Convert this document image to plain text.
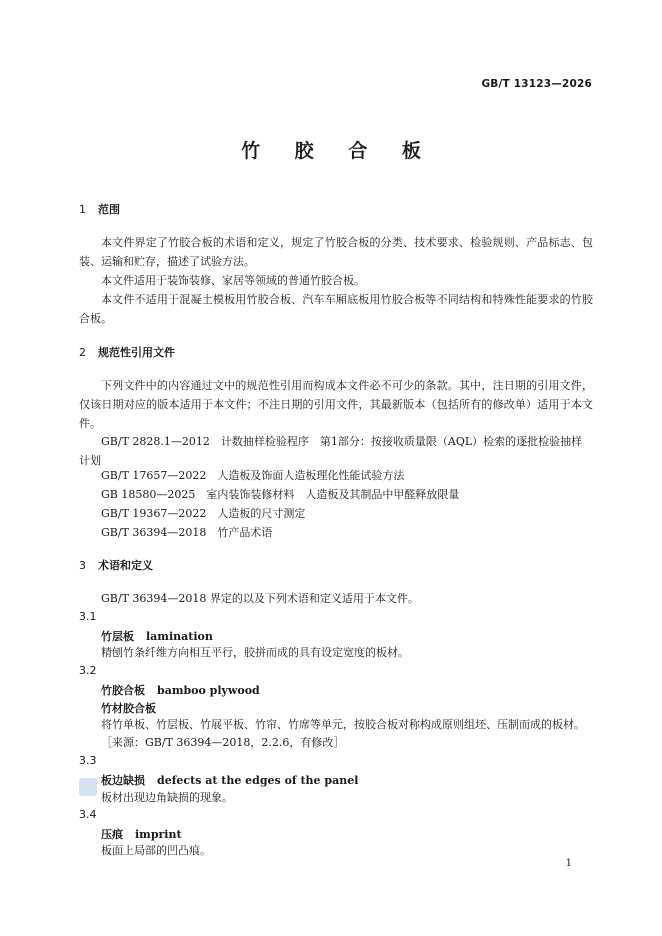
GB/T 13123—2026
竹 胶 合 板
1 范围
本文件界定了竹胶合板的术语和定义，规定了竹胶合板的分类、技术要求、检验规则、产品标志、包装、运输和贮存，描述了试验方法。
本文件适用于装饰装修、家居等领域的普通竹胶合板。
本文件不适用于混凝土模板用竹胶合板、汽车车厢底板用竹胶合板等不同结构和特殊性能要求的竹胶合板。
2 规范性引用文件
下列文件中的内容通过文中的规范性引用而构成本文件必不可少的条款。其中，注日期的引用文件，仅该日期对应的版本适用于本文件；不注日期的引用文件，其最新版本（包括所有的修改单）适用于本文件。
GB/T 2828.1—2012　计数抽样检验程序　第1部分：按接收质量限（AQL）检索的逐批检验抽样计划
GB/T 17657—2022　人造板及饰面人造板理化性能试验方法
GB 18580—2025　室内装饰装修材料　人造板及其制品中甲醛释放限量
GB/T 19367—2022　人造板的尺寸测定
GB/T 36394—2018　竹产品术语
3 术语和定义
GB/T 36394—2018 界定的以及下列术语和定义适用于本文件。
3.1
竹层板 lamination
精刨竹条纤维方向相互平行，胶拼而成的具有设定宽度的板材。
3.2
竹胶合板 bamboo plywood
竹材胶合板
将竹单板、竹层板、竹展平板、竹帘、竹席等单元，按胶合板对称构成原则组坯、压制而成的板材。
［来源：GB/T 36394—2018，2.2.6，有修改］
3.3
板边缺损 defects at the edges of the panel
板材出现边角缺损的现象。
3.4
压痕 imprint
板面上局部的凹凸痕。
1
